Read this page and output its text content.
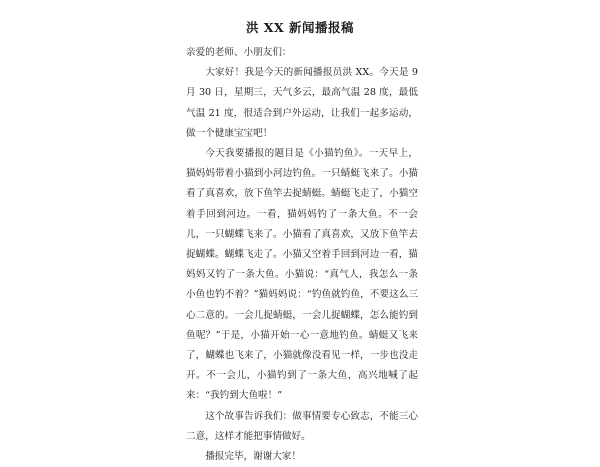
洪 XX 新闻播报稿

亲爱的老师、小朋友们：

大家好！我是今天的新闻播报员洪 XX。今天是 9 月 30 日，星期三，天气多云，最高气温 28 度，最低气温 21 度，很适合到户外运动，让我们一起多运动，做一个健康宝宝吧！

今天我要播报的题目是《小猫钓鱼》。一天早上，猫妈妈带着小猫到小河边钓鱼。一只蜻蜓飞来了。小猫看了真喜欢，放下鱼竿去捉蜻蜓。蜻蜓飞走了，小猫空着手回到河边。一看，猫妈妈钓了一条大鱼。不一会儿，一只蝴蝶飞来了。小猫看了真喜欢，又放下鱼竿去捉蝴蝶。蝴蝶飞走了。小猫又空着手回到河边一看，猫妈妈又钓了一条大鱼。小猫说：“真气人，我怎么一条小鱼也钓不着？”猫妈妈说：“钓鱼就钓鱼，不要这么三心二意的。一会儿捉蜻蜓，一会儿捉蝴蝶，怎么能钓到鱼呢？”于是，小猫开始一心一意地钓鱼。蜻蜓又飞来了，蝴蝶也飞来了，小猫就像没看见一样，一步也没走开。不一会儿，小猫钓到了一条大鱼，高兴地喊了起来：“我钓到大鱼啦！”

这个故事告诉我们：做事情要专心致志，不能三心二意，这样才能把事情做好。

播报完毕，谢谢大家！
